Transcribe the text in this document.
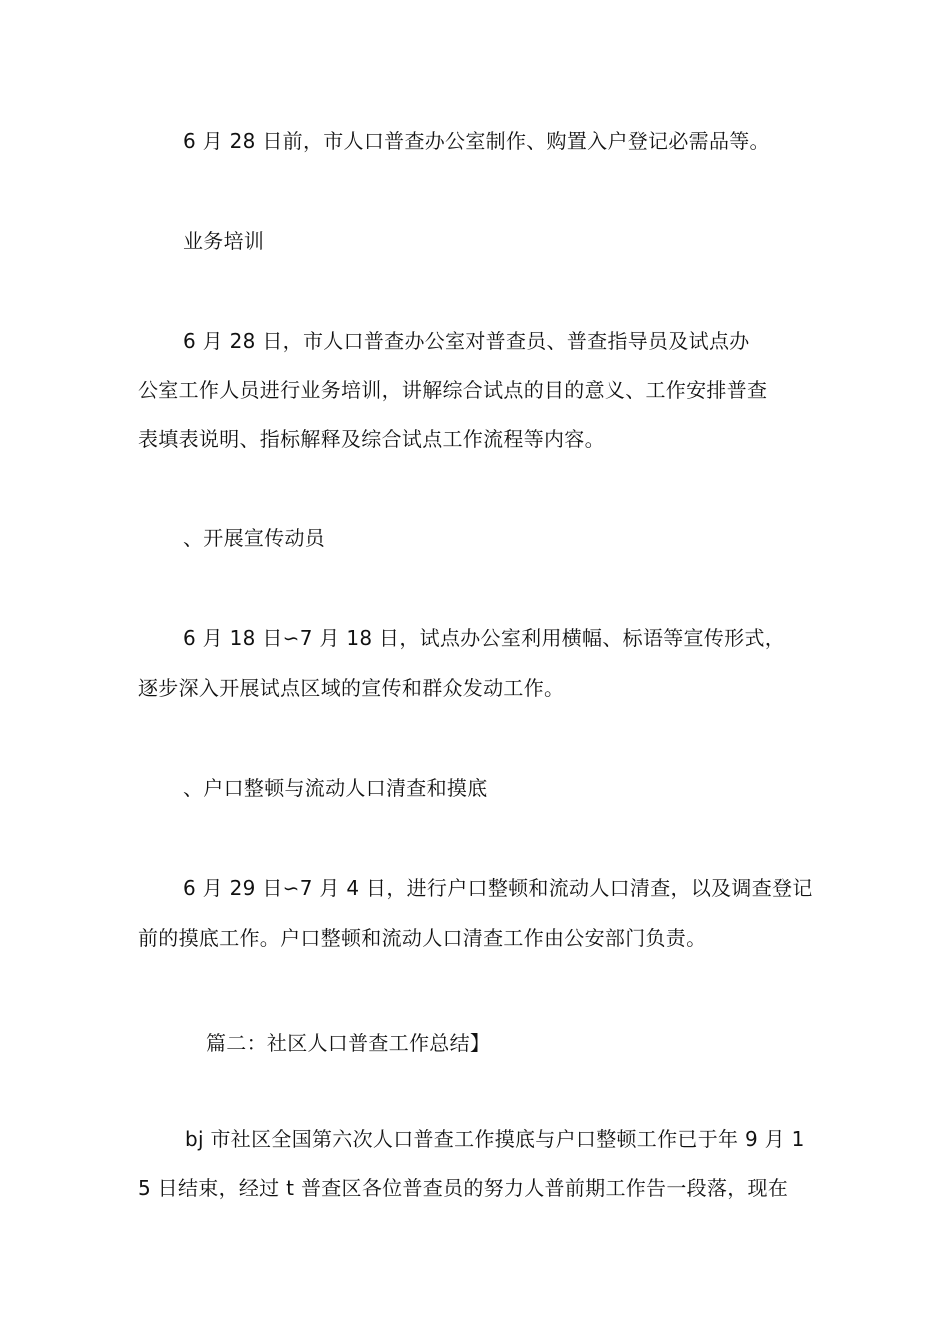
6 月 28 日前，市人口普查办公室制作、购置入户登记必需品等。
业务培训
6 月 28 日，市人口普查办公室对普查员、普查指导员及试点办
公室工作人员进行业务培训，讲解综合试点的目的意义、工作安排普查
表填表说明、指标解释及综合试点工作流程等内容。
、开展宣传动员
6 月 18 日∽7 月 18 日，试点办公室利用横幅、标语等宣传形式，
逐步深入开展试点区域的宣传和群众发动工作。
、户口整顿与流动人口清查和摸底
6 月 29 日∽7 月 4 日，进行户口整顿和流动人口清查，以及调查登记
前的摸底工作。户口整顿和流动人口清查工作由公安部门负责。
篇二：社区人口普查工作总结】
bj 市社区全国第六次人口普查工作摸底与户口整顿工作已于年 9 月 1
5 日结束，经过 t 普查区各位普查员的努力人普前期工作告一段落，现在
